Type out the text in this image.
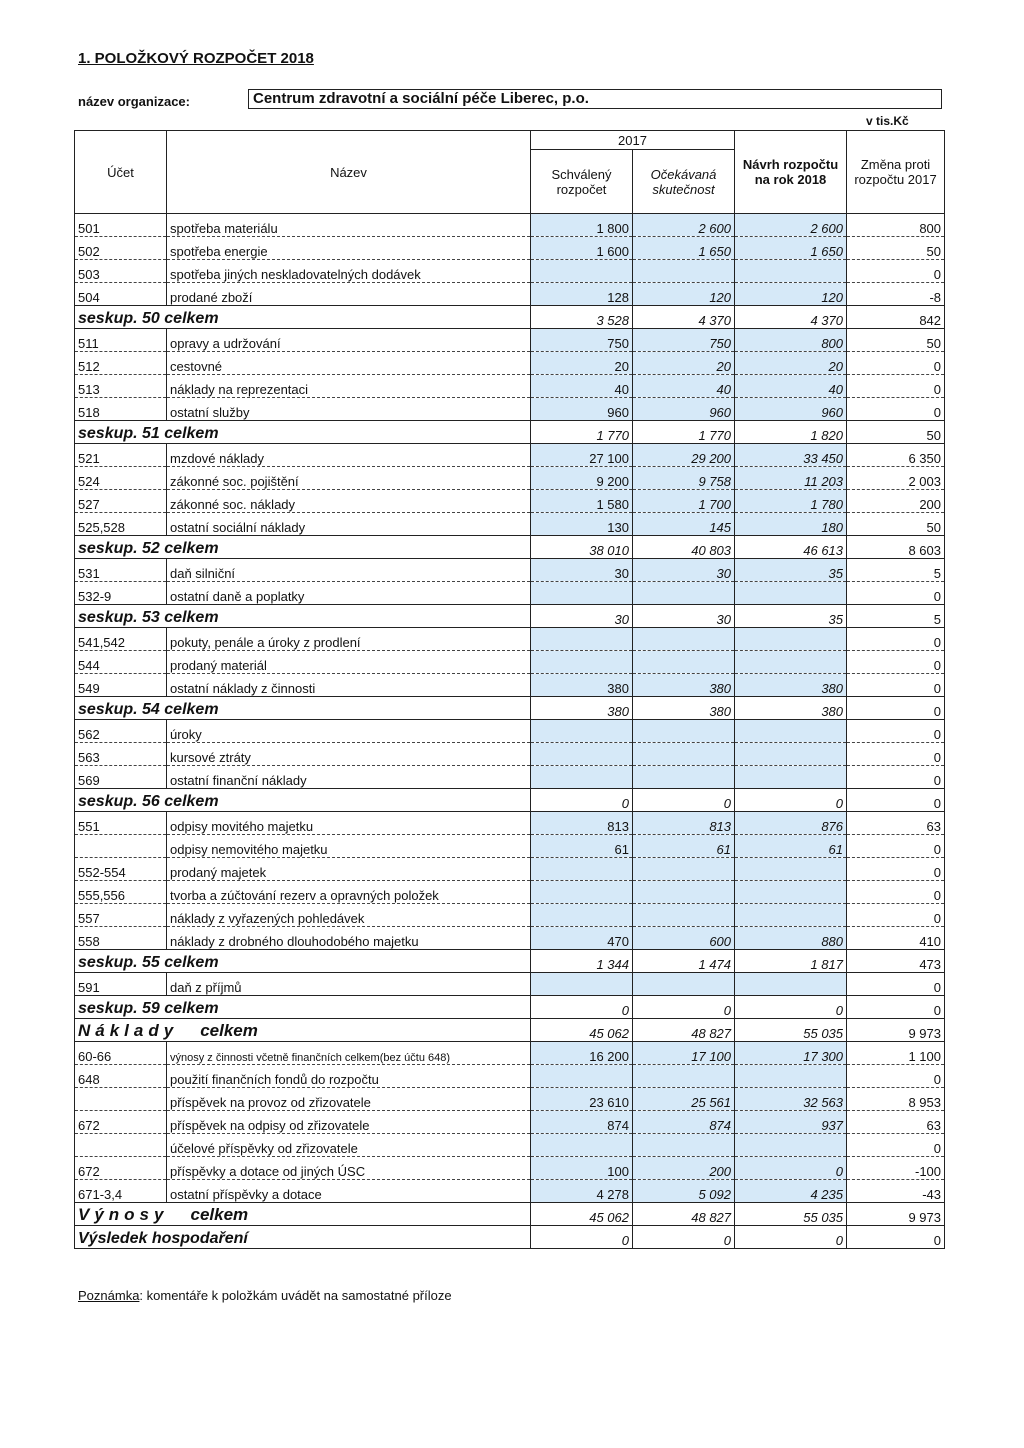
1. POLOŽKOVÝ ROZPOČET 2018
název organizace:	Centrum zdravotní a sociální péče Liberec, p.o.
v tis.Kč
Účet	Název	2017		Návrh rozpočtu na rok 2018	Změna proti rozpočtu 2017
		Schválený rozpočet	Očekávaná skutečnost		
501	spotřeba materiálu	1 800	2 600	2 600	800
502	spotřeba energie	1 600	1 650	1 650	50
503	spotřeba jiných neskladovatelných dodávek				0
504	prodané zboží	128	120	120	-8
seskup. 50 celkem		3 528	4 370	4 370	842
511	opravy a udržování	750	750	800	50
512	cestovné	20	20	20	0
513	náklady na reprezentaci	40	40	40	0
518	ostatní služby	960	960	960	0
seskup. 51 celkem		1 770	1 770	1 820	50
521	mzdové náklady	27 100	29 200	33 450	6 350
524	zákonné soc. pojištění	9 200	9 758	11 203	2 003
527	zákonné soc. náklady	1 580	1 700	1 780	200
525,528	ostatní sociální náklady	130	145	180	50
seskup. 52 celkem		38 010	40 803	46 613	8 603
531	daň silniční	30	30	35	5
532-9	ostatní daně a poplatky				0
seskup. 53 celkem		30	30	35	5
541,542	pokuty, penále a úroky z prodlení				0
544	prodaný materiál				0
549	ostatní náklady z činnosti	380	380	380	0
seskup. 54 celkem		380	380	380	0
562	úroky				0
563	kursové ztráty				0
569	ostatní finanční náklady				0
seskup. 56 celkem		0	0	0	0
551	odpisy movitého majetku	813	813	876	63
	odpisy nemovitého majetku	61	61	61	0
552-554	prodaný majetek				0
555,556	tvorba a zúčtování rezerv a opravných položek				0
557	náklady z vyřazených pohledávek				0
558	náklady z drobného dlouhodobého majetku	470	600	880	410
seskup. 55 celkem		1 344	1 474	1 817	473
591	daň z příjmů				0
seskup. 59 celkem		0	0	0	0
Náklady celkem		45 062	48 827	55 035	9 973
60-66	výnosy z činnosti včetně finančních celkem(bez účtu 648)	16 200	17 100	17 300	1 100
648	použití finančních fondů do rozpočtu				0
	příspěvek na provoz od zřizovatele	23 610	25 561	32 563	8 953
672	příspěvek na odpisy od zřizovatele	874	874	937	63
	účelové příspěvky od zřizovatele				0
672	příspěvky a dotace od jiných ÚSC	100	200	0	-100
671-3,4	ostatní příspěvky a dotace	4 278	5 092	4 235	-43
Výnosy celkem		45 062	48 827	55 035	9 973
Výsledek hospodaření		0	0	0	0
Poznámka: komentáře k položkám uvádět na samostatné příloze
